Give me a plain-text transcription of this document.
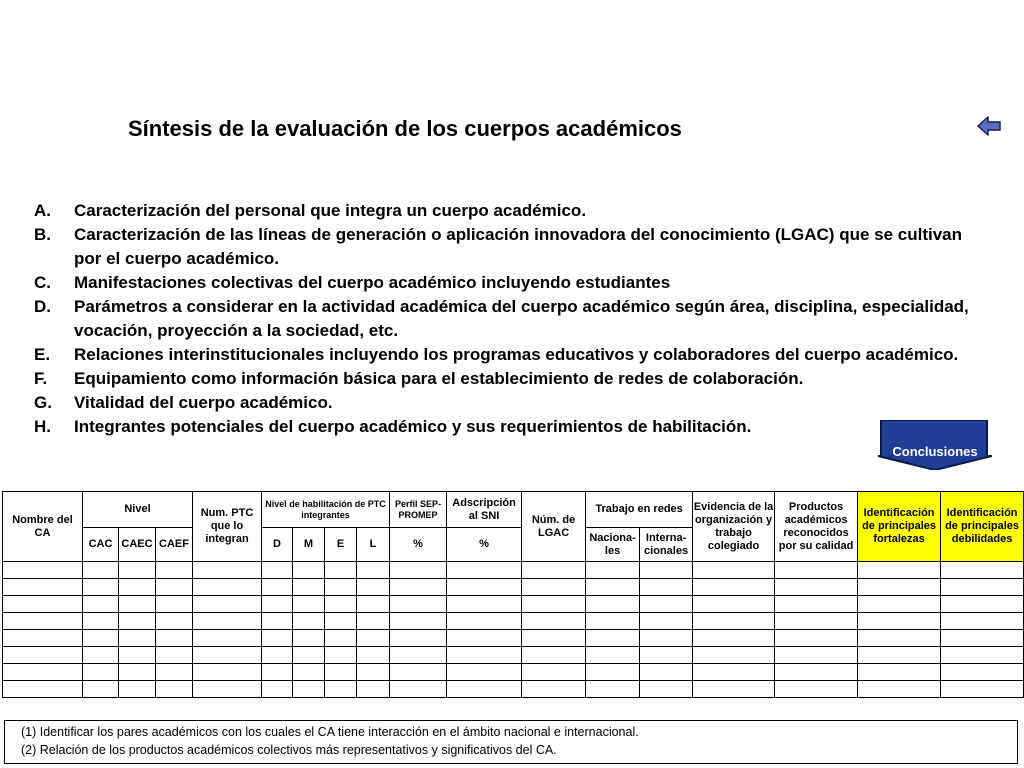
Síntesis de la evaluación de los cuerpos académicos
A. Caracterización del personal que integra un cuerpo académico.
B. Caracterización de las líneas de generación o aplicación innovadora del conocimiento (LGAC) que se cultivan por el cuerpo académico.
C. Manifestaciones colectivas del cuerpo académico incluyendo estudiantes
D. Parámetros a considerar en la actividad académica del cuerpo académico según área, disciplina, especialidad, vocación, proyección a la sociedad, etc.
E. Relaciones interinstitucionales incluyendo los programas educativos y colaboradores del cuerpo académico.
F. Equipamiento como información básica para el establecimiento de redes de colaboración.
G. Vitalidad del cuerpo académico.
H. Integrantes potenciales del cuerpo académico y sus requerimientos de habilitación.
Conclusiones
Nombre del CA	Nivel			Num. PTC que lo integran	Nivel de habilitación de PTC integrantes				Perfil SEP-PROMEP	Adscripción al SNI	Núm. de LGAC	Trabajo en redes		Evidencia de la organización y trabajo colegiado	Productos académicos reconocidos por su calidad	Identificación de principales fortalezas	Identificación de principales debilidades
	CAC	CAEC	CAEF		D	M	E	L	%	%		Naciona-les	Interna-cionales				

(1) Identificar los pares académicos con los cuales el CA tiene interacción en el ámbito nacional e internacional.
(2) Relación de los productos académicos colectivos más representativos y significativos del CA.
